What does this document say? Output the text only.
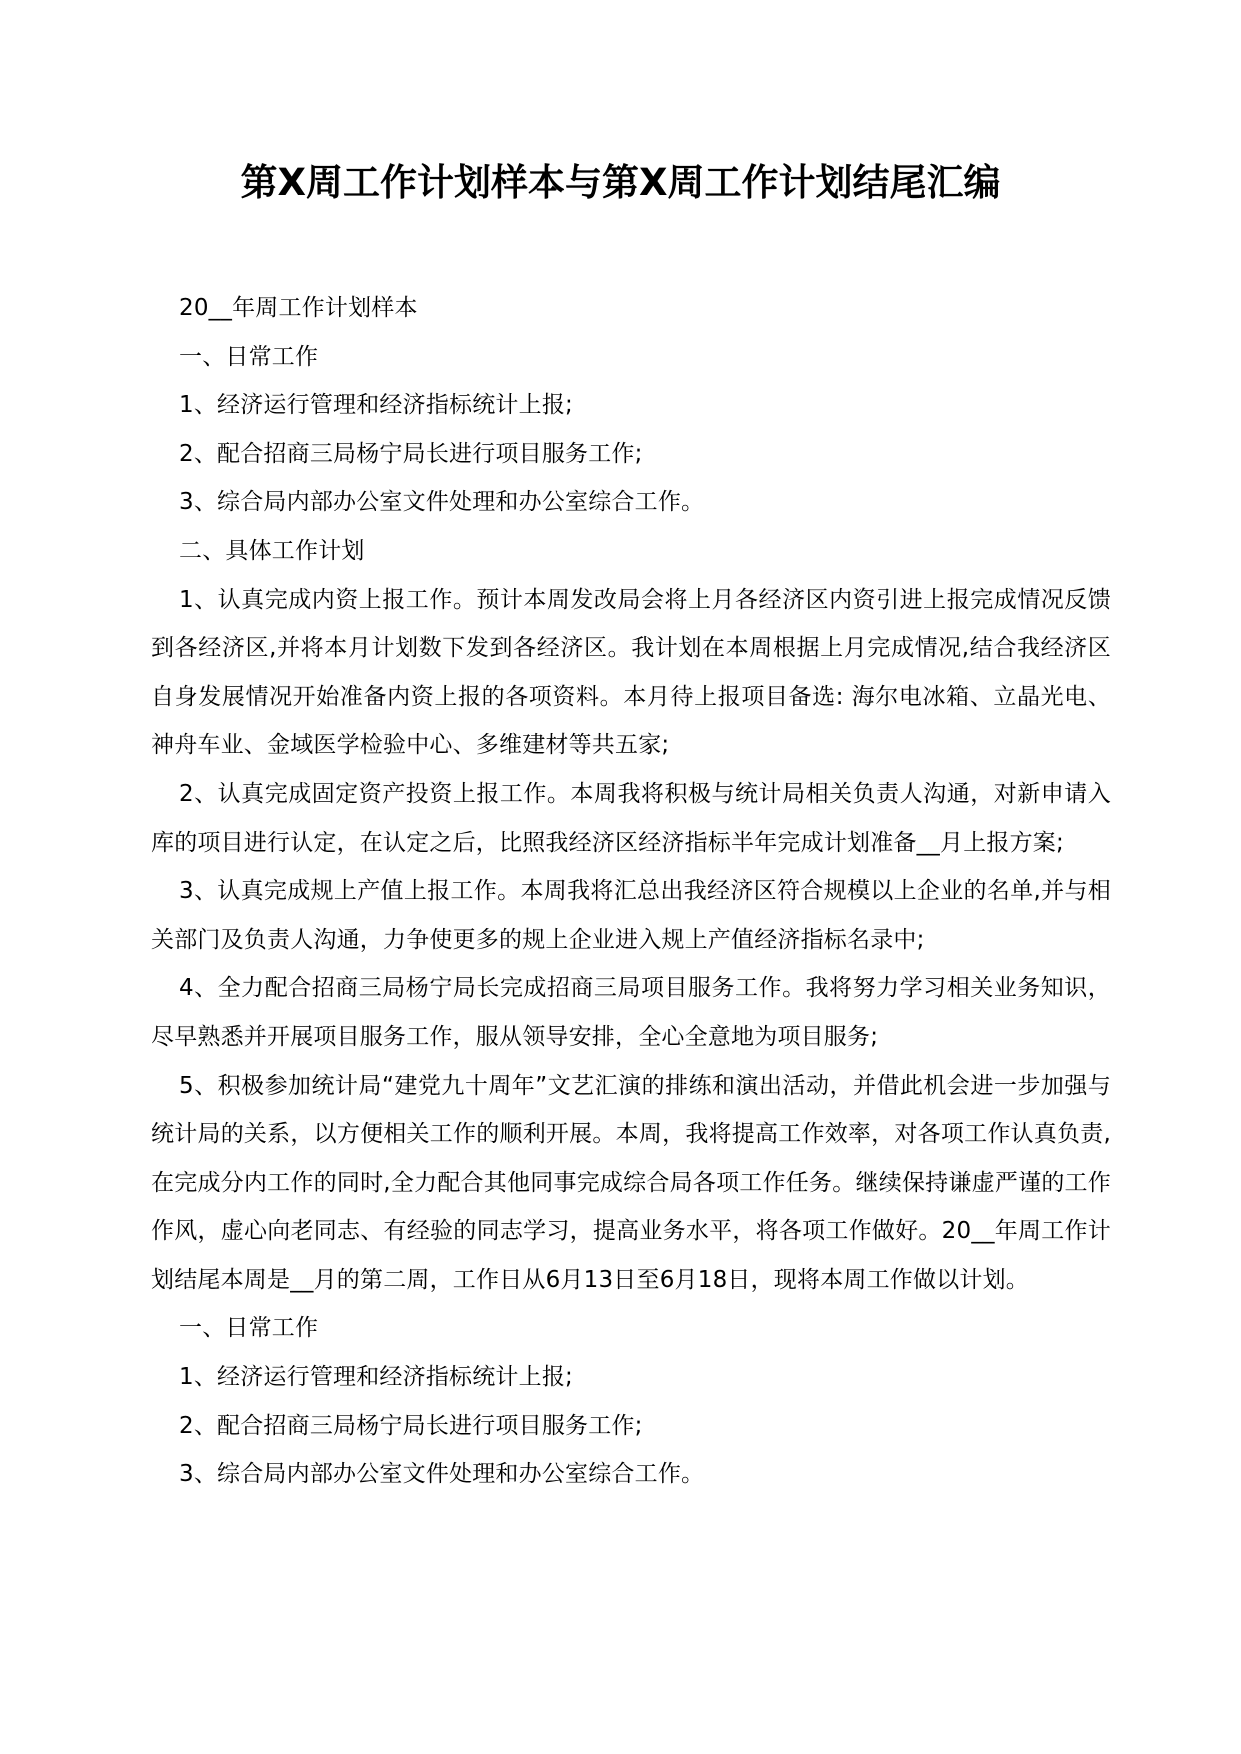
第X周工作计划样本与第X周工作计划结尾汇编

20__年周工作计划样本

一、日常工作

1、经济运行管理和经济指标统计上报;

2、配合招商三局杨宁局长进行项目服务工作;

3、综合局内部办公室文件处理和办公室综合工作。

二、具体工作计划

1、认真完成内资上报工作。预计本周发改局会将上月各经济区内资引进上报完成情况反馈到各经济区,并将本月计划数下发到各经济区。我计划在本周根据上月完成情况,结合我经济区自身发展情况开始准备内资上报的各项资料。本月待上报项目备选: 海尔电冰箱、立晶光电、神舟车业、金域医学检验中心、多维建材等共五家;

2、认真完成固定资产投资上报工作。本周我将积极与统计局相关负责人沟通，对新申请入库的项目进行认定，在认定之后，比照我经济区经济指标半年完成计划准备__月上报方案;

3、认真完成规上产值上报工作。本周我将汇总出我经济区符合规模以上企业的名单,并与相关部门及负责人沟通，力争使更多的规上企业进入规上产值经济指标名录中;

4、全力配合招商三局杨宁局长完成招商三局项目服务工作。我将努力学习相关业务知识，尽早熟悉并开展项目服务工作，服从领导安排，全心全意地为项目服务;

5、积极参加统计局“建党九十周年”文艺汇演的排练和演出活动，并借此机会进一步加强与统计局的关系，以方便相关工作的顺利开展。本周，我将提高工作效率，对各项工作认真负责,在完成分内工作的同时,全力配合其他同事完成综合局各项工作任务。继续保持谦虚严谨的工作作风，虚心向老同志、有经验的同志学习，提高业务水平，将各项工作做好。20__年周工作计划结尾本周是__月的第二周，工作日从6月13日至6月18日，现将本周工作做以计划。

一、日常工作

1、经济运行管理和经济指标统计上报;

2、配合招商三局杨宁局长进行项目服务工作;

3、综合局内部办公室文件处理和办公室综合工作。
